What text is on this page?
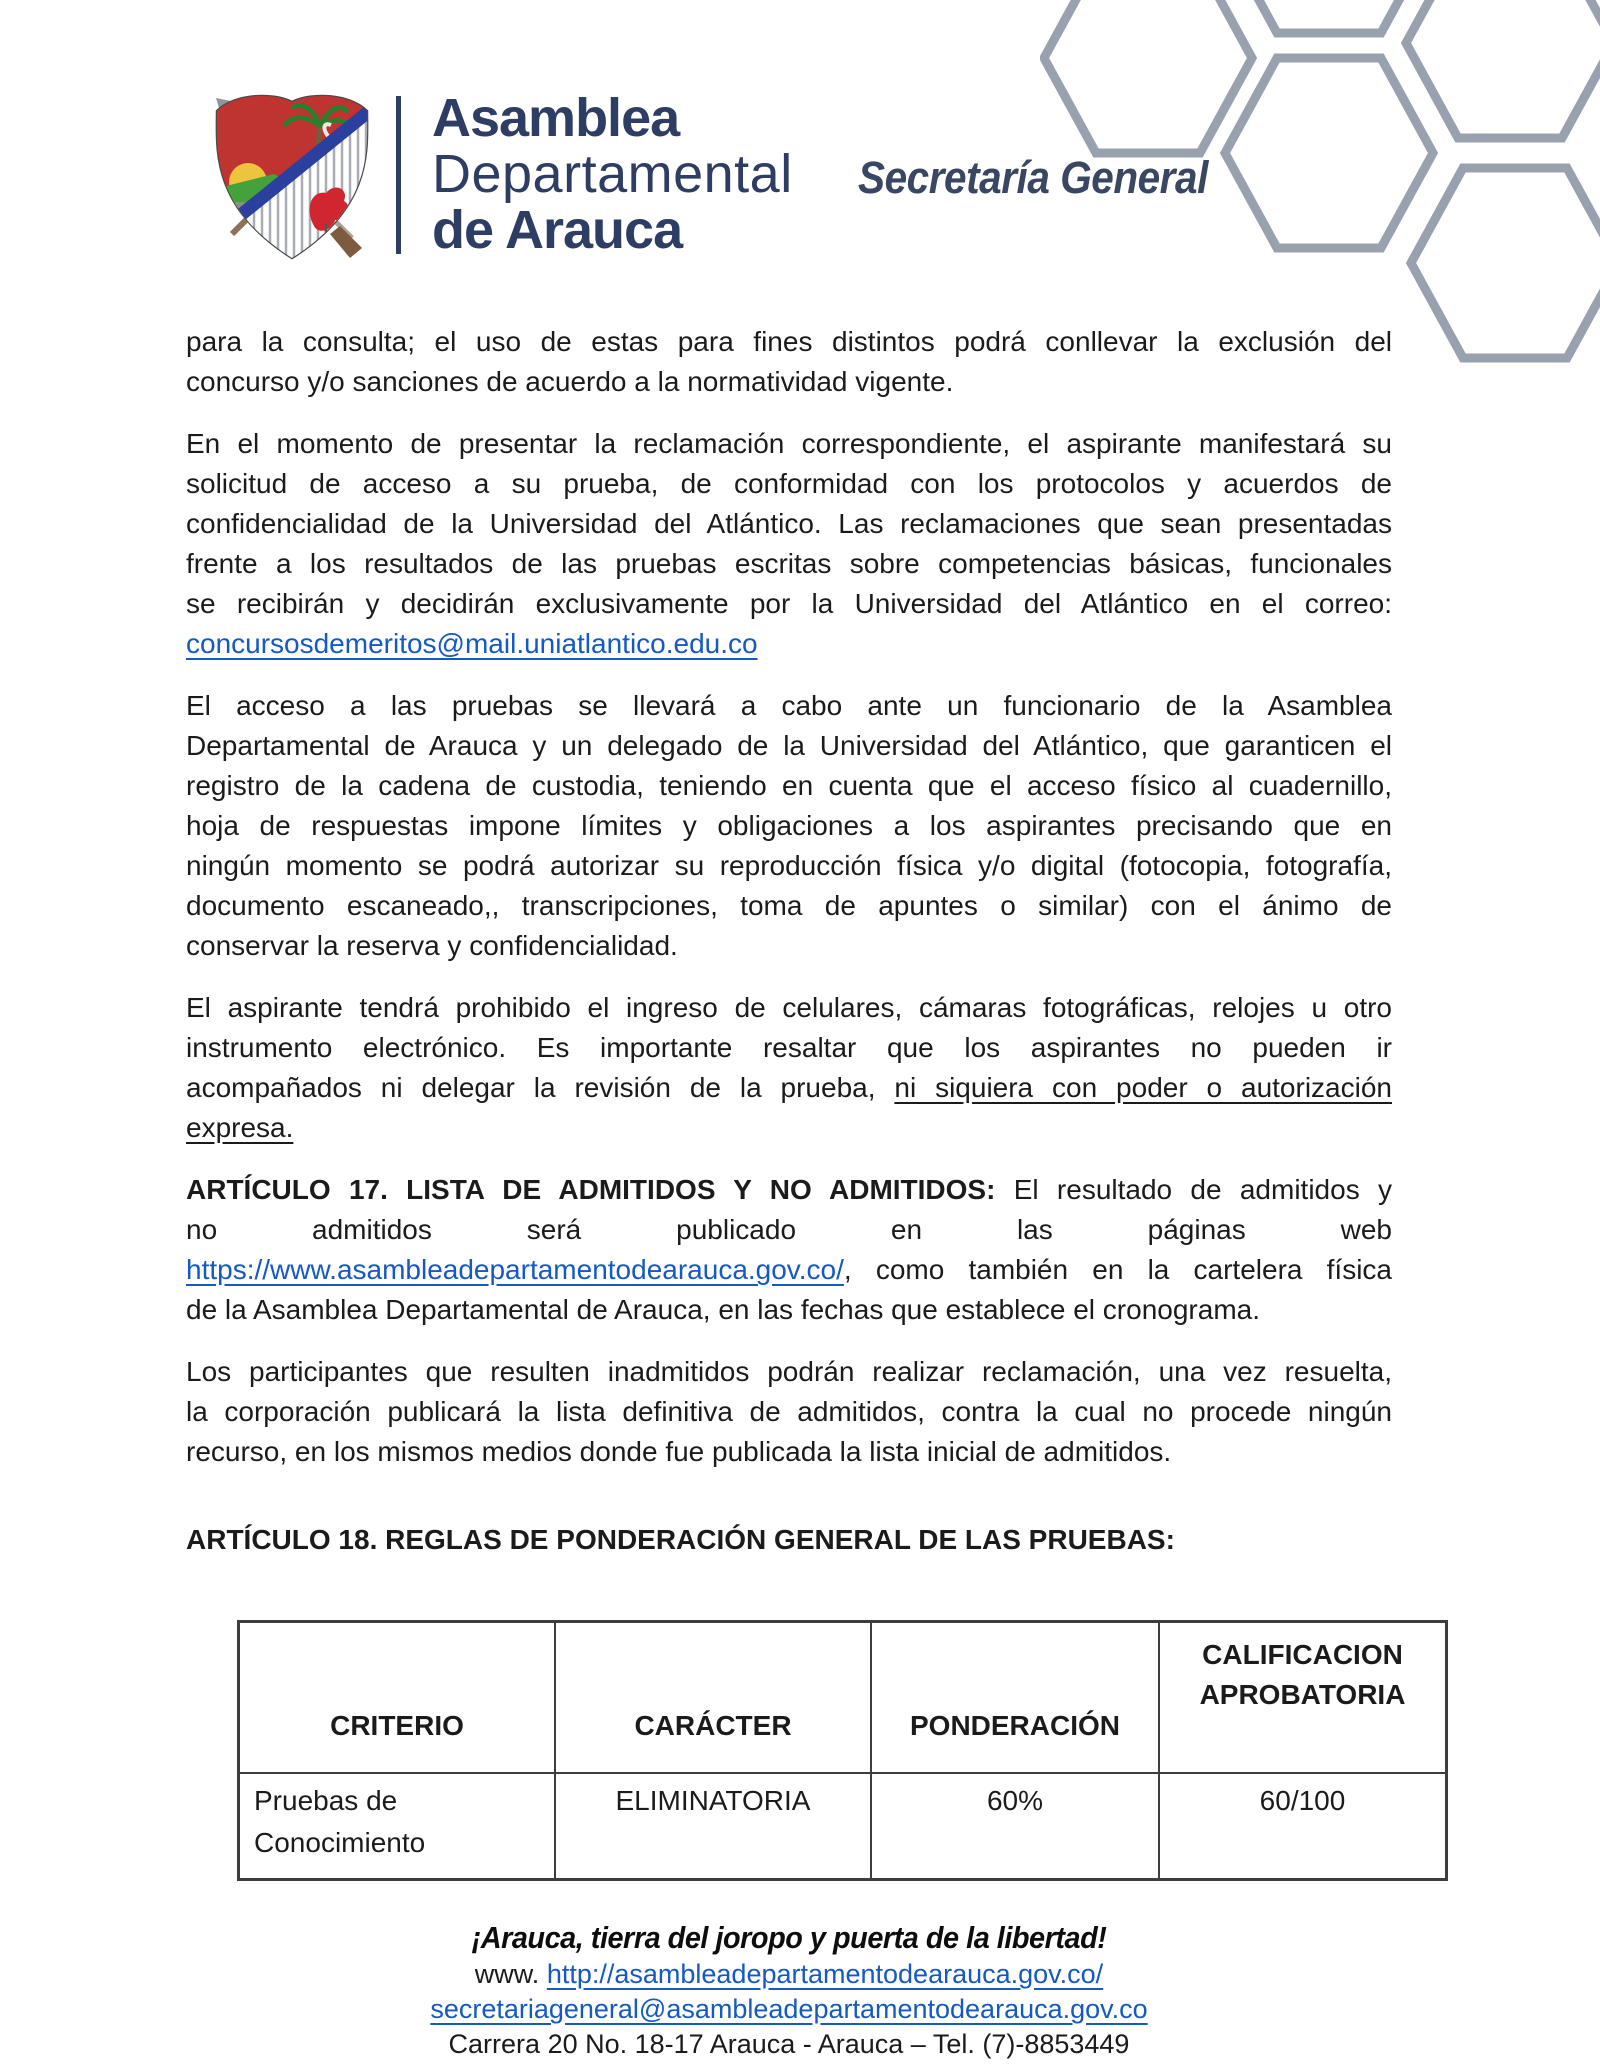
Asamblea
Departamental
de Arauca
Secretaría General
para la consulta; el uso de estas para fines distintos podrá conllevar la exclusión del
concurso y/o sanciones de acuerdo a la normatividad vigente.
En el momento de presentar la reclamación correspondiente, el aspirante manifestará su
solicitud de acceso a su prueba, de conformidad con los protocolos y acuerdos de
confidencialidad de la Universidad del Atlántico. Las reclamaciones que sean presentadas
frente a los resultados de las pruebas escritas sobre competencias básicas, funcionales
se recibirán y decidirán exclusivamente por la Universidad del Atlántico en el correo:
concursosdemeritos@mail.uniatlantico.edu.co
El acceso a las pruebas se llevará a cabo ante un funcionario de la Asamblea
Departamental de Arauca y un delegado de la Universidad del Atlántico, que garanticen el
registro de la cadena de custodia, teniendo en cuenta que el acceso físico al cuadernillo,
hoja de respuestas impone límites y obligaciones a los aspirantes precisando que en
ningún momento se podrá autorizar su reproducción física y/o digital (fotocopia, fotografía,
documento escaneado,, transcripciones, toma de apuntes o similar) con el ánimo de
conservar la reserva y confidencialidad.
El aspirante tendrá prohibido el ingreso de celulares, cámaras fotográficas, relojes u otro
instrumento electrónico. Es importante resaltar que los aspirantes no pueden ir
acompañados ni delegar la revisión de la prueba, ni siquiera con poder o autorización
expresa.
ARTÍCULO 17. LISTA DE ADMITIDOS Y NO ADMITIDOS: El resultado de admitidos y
no admitidos será publicado en las páginas web
https://www.asambleadepartamentodearauca.gov.co/, como también en la cartelera física
de la Asamblea Departamental de Arauca, en las fechas que establece el cronograma.
Los participantes que resulten inadmitidos podrán realizar reclamación, una vez resuelta,
la corporación publicará la lista definitiva de admitidos, contra la cual no procede ningún
recurso, en los mismos medios donde fue publicada la lista inicial de admitidos.
ARTÍCULO 18. REGLAS DE PONDERACIÓN GENERAL DE LAS PRUEBAS:
CRITERIO	CARÁCTER	PONDERACIÓN	CALIFICACION APROBATORIA
Pruebas de Conocimiento	ELIMINATORIA	60%	60/100
¡Arauca, tierra del joropo y puerta de la libertad!
www. http://asambleadepartamentodearauca.gov.co/
secretariageneral@asambleadepartamentodearauca.gov.co
Carrera 20 No. 18-17 Arauca - Arauca – Tel. (7)-8853449
